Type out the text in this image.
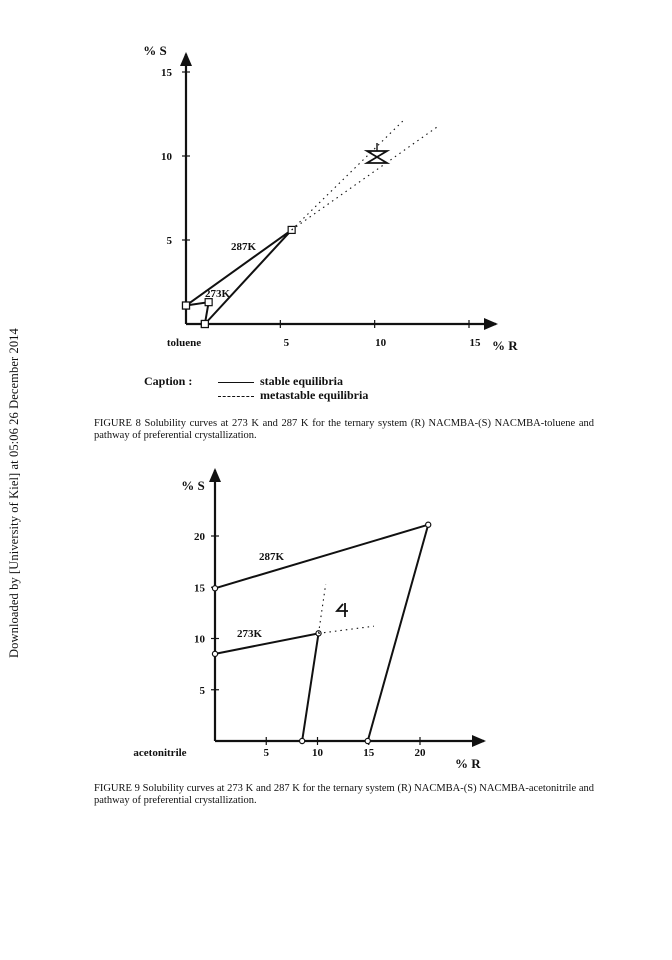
Downloaded by [University of Kiel] at 05:06 26 December 2014
5
10
15
5	10	15
% S
% R
toluene
287K
273K
Caption :	stable equilibria
metastable equilibria
FIGURE 8 Solubility curves at 273 K and 287 K for the ternary system (R) NACMBA-(S) NACMBA-toluene and pathway of preferential crystallization.
5
10
15
20
5	10	15	20
% S
% R
acetonitrile
287K
273K
FIGURE 9 Solubility curves at 273 K and 287 K for the ternary system (R) NACMBA-(S) NACMBA-acetonitrile and pathway of preferential crystallization.
